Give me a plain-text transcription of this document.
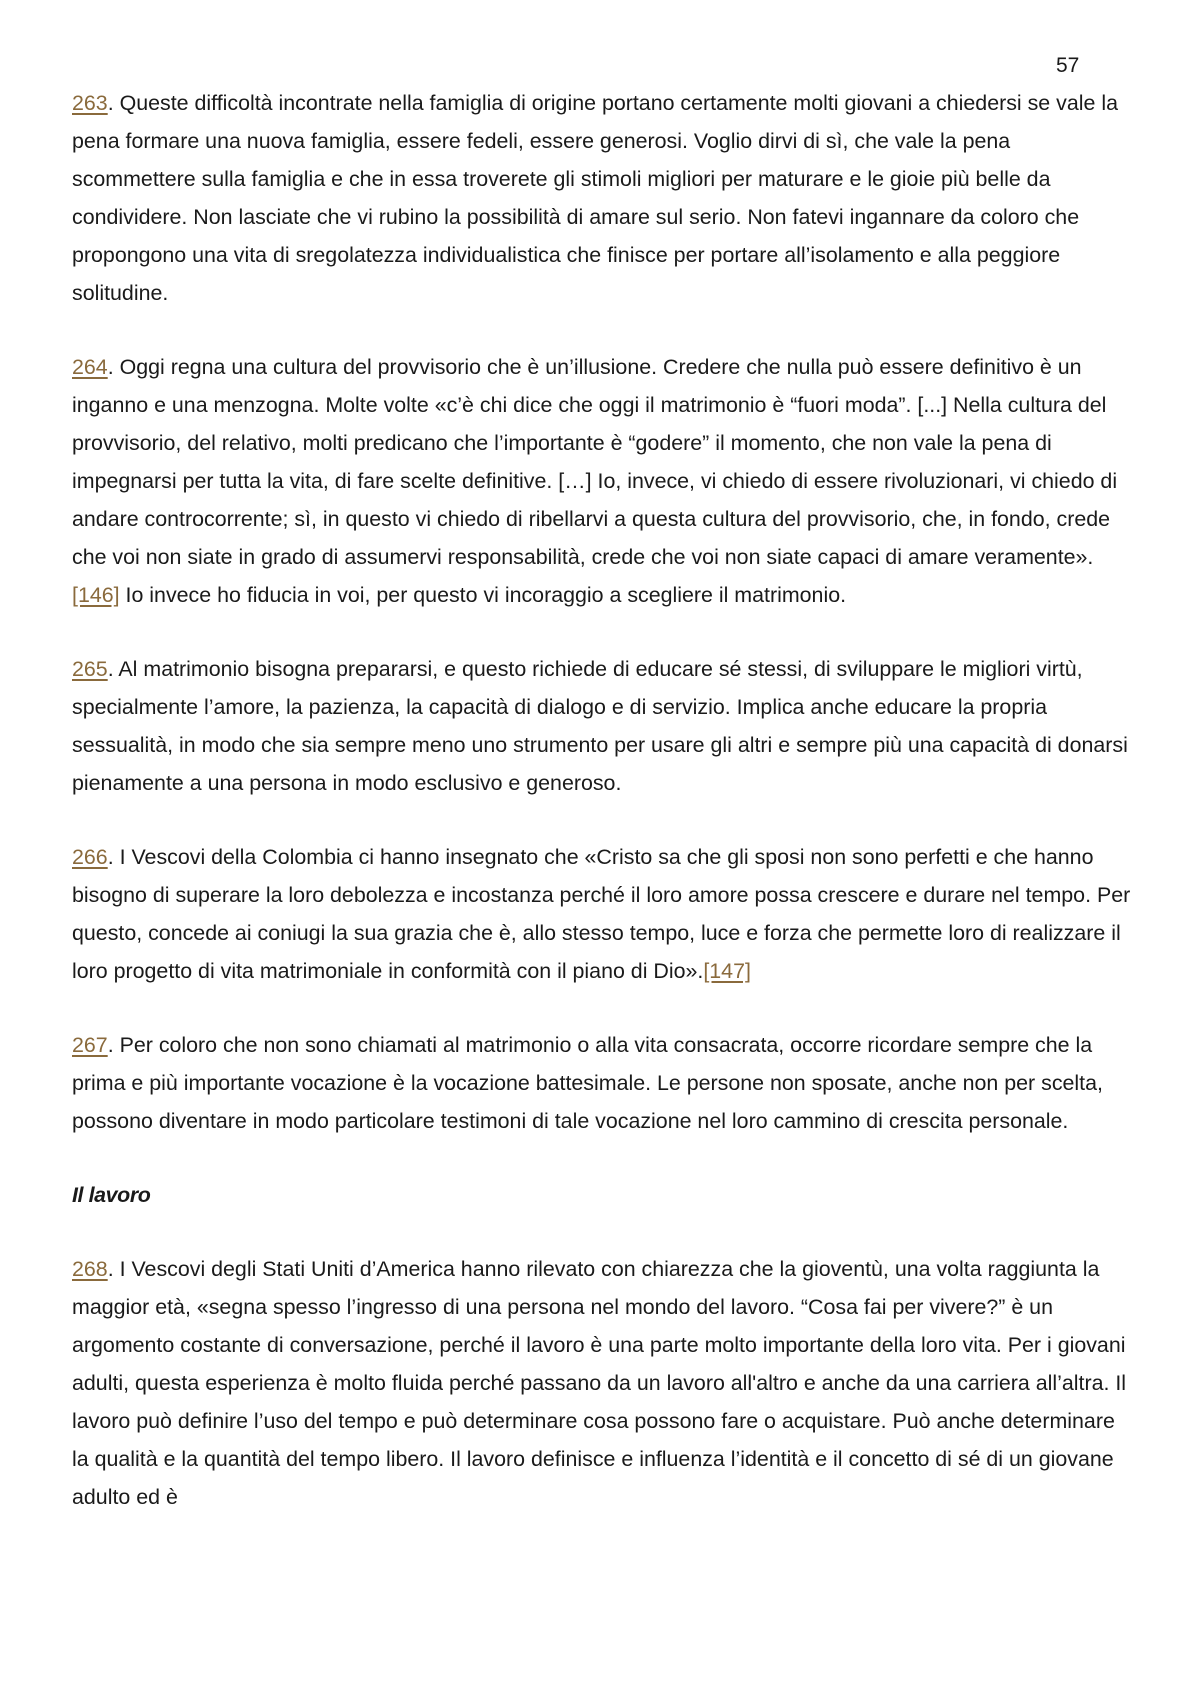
57

263. Queste difficoltà incontrate nella famiglia di origine portano certamente molti giovani a chiedersi se vale la pena formare una nuova famiglia, essere fedeli, essere generosi. Voglio dirvi di sì, che vale la pena scommettere sulla famiglia e che in essa troverete gli stimoli migliori per maturare e le gioie più belle da condividere. Non lasciate che vi rubino la possibilità di amare sul serio. Non fatevi ingannare da coloro che propongono una vita di sregolatezza individualistica che finisce per portare all’isolamento e alla peggiore solitudine.

264. Oggi regna una cultura del provvisorio che è un’illusione. Credere che nulla può essere definitivo è un inganno e una menzogna. Molte volte «c’è chi dice che oggi il matrimonio è “fuori moda”. [...] Nella cultura del provvisorio, del relativo, molti predicano che l’importante è “godere” il momento, che non vale la pena di impegnarsi per tutta la vita, di fare scelte definitive. […] Io, invece, vi chiedo di essere rivoluzionari, vi chiedo di andare controcorrente; sì, in questo vi chiedo di ribellarvi a questa cultura del provvisorio, che, in fondo, crede che voi non siate in grado di assumervi responsabilità, crede che voi non siate capaci di amare veramente».[146] Io invece ho fiducia in voi, per questo vi incoraggio a scegliere il matrimonio.

265. Al matrimonio bisogna prepararsi, e questo richiede di educare sé stessi, di sviluppare le migliori virtù, specialmente l’amore, la pazienza, la capacità di dialogo e di servizio. Implica anche educare la propria sessualità, in modo che sia sempre meno uno strumento per usare gli altri e sempre più una capacità di donarsi pienamente a una persona in modo esclusivo e generoso.

266. I Vescovi della Colombia ci hanno insegnato che «Cristo sa che gli sposi non sono perfetti e che hanno bisogno di superare la loro debolezza e incostanza perché il loro amore possa crescere e durare nel tempo. Per questo, concede ai coniugi la sua grazia che è, allo stesso tempo, luce e forza che permette loro di realizzare il loro progetto di vita matrimoniale in conformità con il piano di Dio».[147]

267. Per coloro che non sono chiamati al matrimonio o alla vita consacrata, occorre ricordare sempre che la prima e più importante vocazione è la vocazione battesimale. Le persone non sposate, anche non per scelta, possono diventare in modo particolare testimoni di tale vocazione nel loro cammino di crescita personale.

Il lavoro

268. I Vescovi degli Stati Uniti d’America hanno rilevato con chiarezza che la gioventù, una volta raggiunta la maggior età, «segna spesso l’ingresso di una persona nel mondo del lavoro. “Cosa fai per vivere?” è un argomento costante di conversazione, perché il lavoro è una parte molto importante della loro vita. Per i giovani adulti, questa esperienza è molto fluida perché passano da un lavoro all'altro e anche da una carriera all’altra. Il lavoro può definire l’uso del tempo e può determinare cosa possono fare o acquistare. Può anche determinare la qualità e la quantità del tempo libero. Il lavoro definisce e influenza l’identità e il concetto di sé di un giovane adulto ed è
